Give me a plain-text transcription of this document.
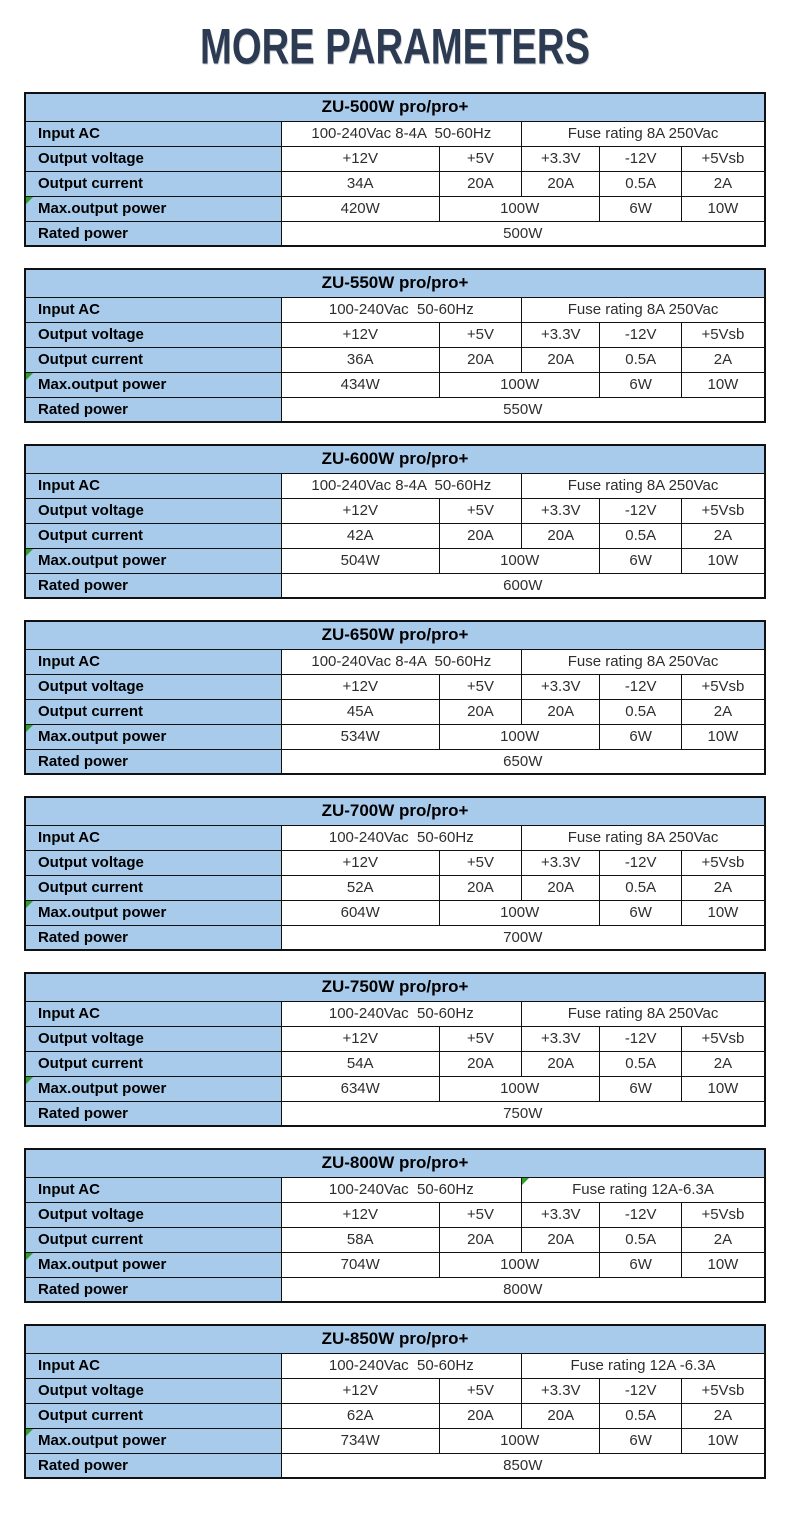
MORE PARAMETERS
ZU-500W pro/pro+					
Input AC	100-240Vac 8-4A  50-60Hz		Fuse rating 8A 250Vac		
Output voltage	+12V	+5V	+3.3V	-12V	+5Vsb
Output current	34A	20A	20A	0.5A	2A

Max.output power	420W	100W		6W	10W
Rated power	500W				
ZU-550W pro/pro+					
Input AC	100-240Vac  50-60Hz		Fuse rating 8A 250Vac		
Output voltage	+12V	+5V	+3.3V	-12V	+5Vsb
Output current	36A	20A	20A	0.5A	2A

Max.output power	434W	100W		6W	10W
Rated power	550W				
ZU-600W pro/pro+					
Input AC	100-240Vac 8-4A  50-60Hz		Fuse rating 8A 250Vac		
Output voltage	+12V	+5V	+3.3V	-12V	+5Vsb
Output current	42A	20A	20A	0.5A	2A

Max.output power	504W	100W		6W	10W
Rated power	600W				
ZU-650W pro/pro+					
Input AC	100-240Vac 8-4A  50-60Hz		Fuse rating 8A 250Vac		
Output voltage	+12V	+5V	+3.3V	-12V	+5Vsb
Output current	45A	20A	20A	0.5A	2A

Max.output power	534W	100W		6W	10W
Rated power	650W				
ZU-700W pro/pro+					
Input AC	100-240Vac  50-60Hz		Fuse rating 8A 250Vac		
Output voltage	+12V	+5V	+3.3V	-12V	+5Vsb
Output current	52A	20A	20A	0.5A	2A

Max.output power	604W	100W		6W	10W
Rated power	700W				
ZU-750W pro/pro+					
Input AC	100-240Vac  50-60Hz		Fuse rating 8A 250Vac		
Output voltage	+12V	+5V	+3.3V	-12V	+5Vsb
Output current	54A	20A	20A	0.5A	2A

Max.output power	634W	100W		6W	10W
Rated power	750W				
ZU-800W pro/pro+					
Input AC	100-240Vac  50-60Hz		Fuse rating 12A-6.3A		
Output voltage	+12V	+5V	+3.3V	-12V	+5Vsb
Output current	58A	20A	20A	0.5A	2A

Max.output power	704W	100W		6W	10W
Rated power	800W				
ZU-850W pro/pro+					
Input AC	100-240Vac  50-60Hz		Fuse rating 12A -6.3A		
Output voltage	+12V	+5V	+3.3V	-12V	+5Vsb
Output current	62A	20A	20A	0.5A	2A

Max.output power	734W	100W		6W	10W
Rated power	850W				
